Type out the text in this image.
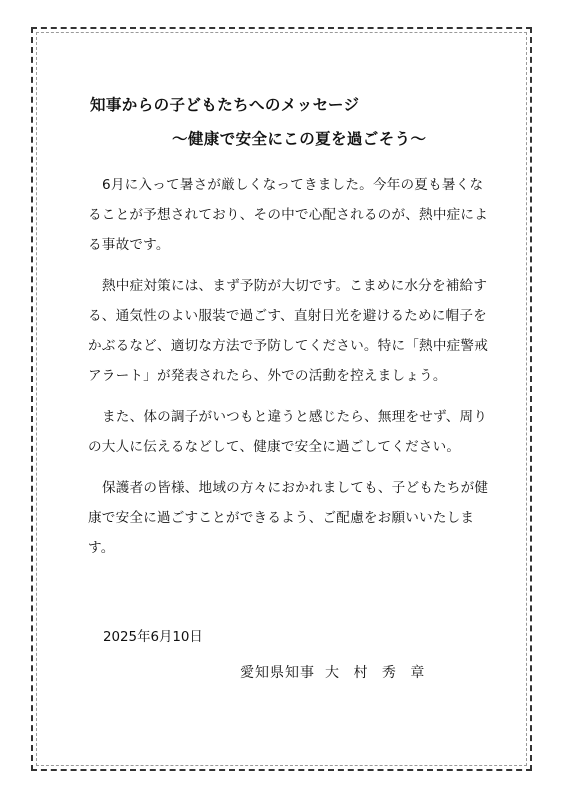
知事からの子どもたちへのメッセージ
～健康で安全にこの夏を過ごそう～

6月に入って暑さが厳しくなってきました。今年の夏も暑くなることが予想されており、その中で心配されるのが、熱中症による事故です。

熱中症対策には、まず予防が大切です。こまめに水分を補給する、通気性のよい服装で過ごす、直射日光を避けるために帽子をかぶるなど、適切な方法で予防してください。特に「熱中症警戒アラート」が発表されたら、外での活動を控えましょう。

また、体の調子がいつもと違うと感じたら、無理をせず、周りの大人に伝えるなどして、健康で安全に過ごしてください。

保護者の皆様、地域の方々におかれましても、子どもたちが健康で安全に過ごすことができるよう、ご配慮をお願いいたします。

2025年6月10日
愛知県知事 大 村 秀 章
